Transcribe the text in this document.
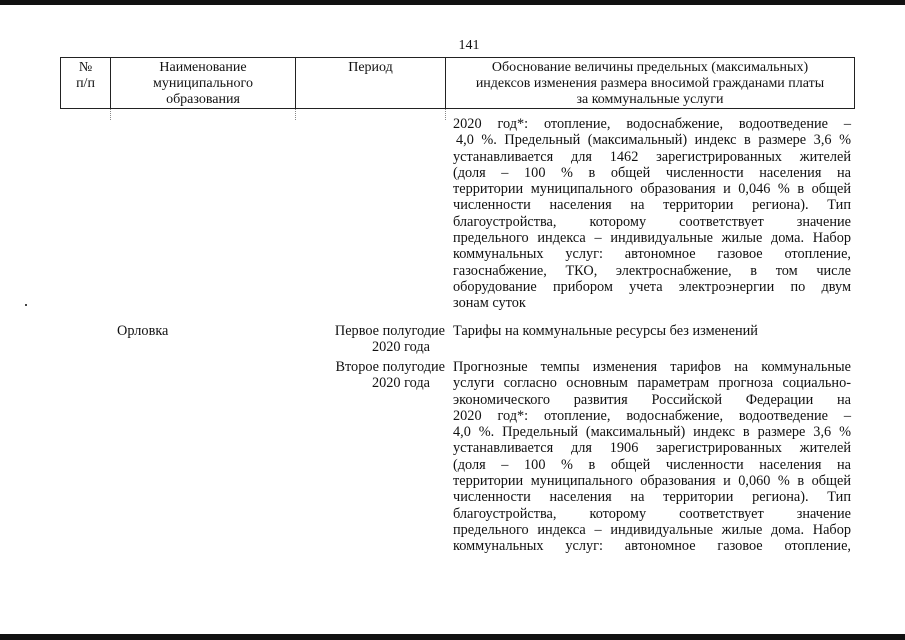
141
№
п/п
Наименование
муниципального
образования
Период	Обоснование величины предельных (максимальных)
индексов изменения размера вносимой гражданами платы
за коммунальные услуги
2020 год*: отопление, водоснабжение, водоотведение –
4,0 %. Предельный (максимальный) индекс в размере 3,6 %
устанавливается для 1462 зарегистрированных жителей
(доля – 100 % в общей численности населения на
территории муниципального образования и 0,046 % в общей
численности населения на территории региона). Тип
благоустройства, которому соответствует значение
предельного индекса – индивидуальные жилые дома. Набор
коммунальных услуг: автономное газовое отопление,
газоснабжение, ТКО, электроснабжение, в том числе
оборудование прибором учета электроэнергии по двум
зонам суток
Орловка	Первое полугодие
2020 года
Тарифы на коммунальные ресурсы без изменений
Второе полугодие
2020 года
Прогнозные темпы изменения тарифов на коммунальные
услуги согласно основным параметрам прогноза социально-
экономического развития Российской Федерации на
2020 год*: отопление, водоснабжение, водоотведение –
4,0 %. Предельный (максимальный) индекс в размере 3,6 %
устанавливается для 1906 зарегистрированных жителей
(доля – 100 % в общей численности населения на
территории муниципального образования и 0,060 % в общей
численности населения на территории региона). Тип
благоустройства, которому соответствует значение
предельного индекса – индивидуальные жилые дома. Набор
коммунальных услуг: автономное газовое отопление,
